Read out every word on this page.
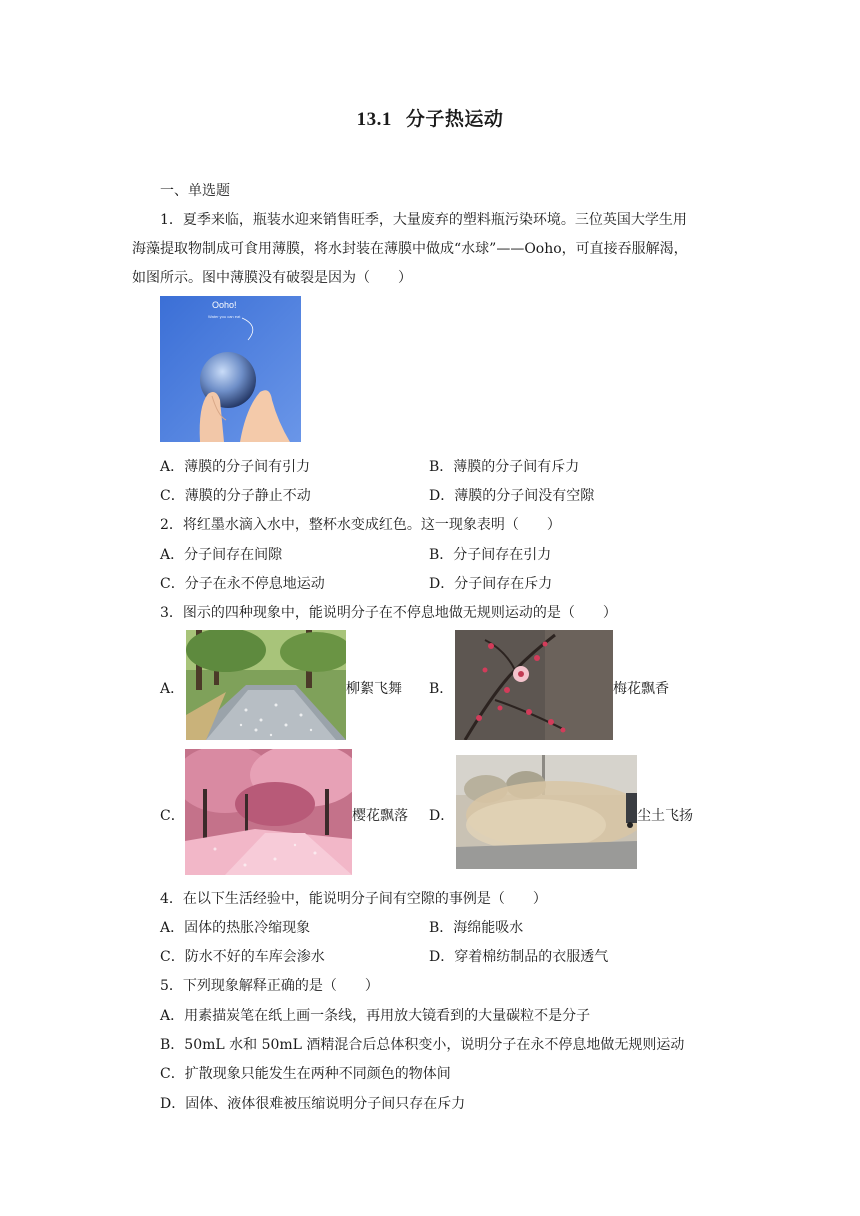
13.1 分子热运动
一、单选题
1．夏季来临，瓶装水迎来销售旺季，大量废弃的塑料瓶污染环境。三位英国大学生用
海藻提取物制成可食用薄膜，将水封装在薄膜中做成“水球”——Ooho，可直接吞服解渴，
如图所示。图中薄膜没有破裂是因为（　　）
Ooho!
Water you can eat
A．薄膜的分子间有引力	B．薄膜的分子间有斥力
C．薄膜的分子静止不动	D．薄膜的分子间没有空隙
2．将红墨水滴入水中，整杯水变成红色。这一现象表明（　　）
A．分子间存在间隙	B．分子间存在引力
C．分子在永不停息地运动	D．分子间存在斥力
3．图示的四种现象中，能说明分子在不停息地做无规则运动的是（　　）
A．	柳絮飞舞 B．	梅花飘香
C．	樱花飘落 D．	尘土飞扬
4．在以下生活经验中，能说明分子间有空隙的事例是（　　）
A．固体的热胀冷缩现象	B．海绵能吸水
C．防水不好的车库会渗水	D．穿着棉纺制品的衣服透气
5．下列现象解释正确的是（　　）
A．用素描炭笔在纸上画一条线，再用放大镜看到的大量碳粒不是分子
B．50mL 水和 50mL 酒精混合后总体积变小，说明分子在永不停息地做无规则运动
C．扩散现象只能发生在两种不同颜色的物体间
D．固体、液体很难被压缩说明分子间只存在斥力
